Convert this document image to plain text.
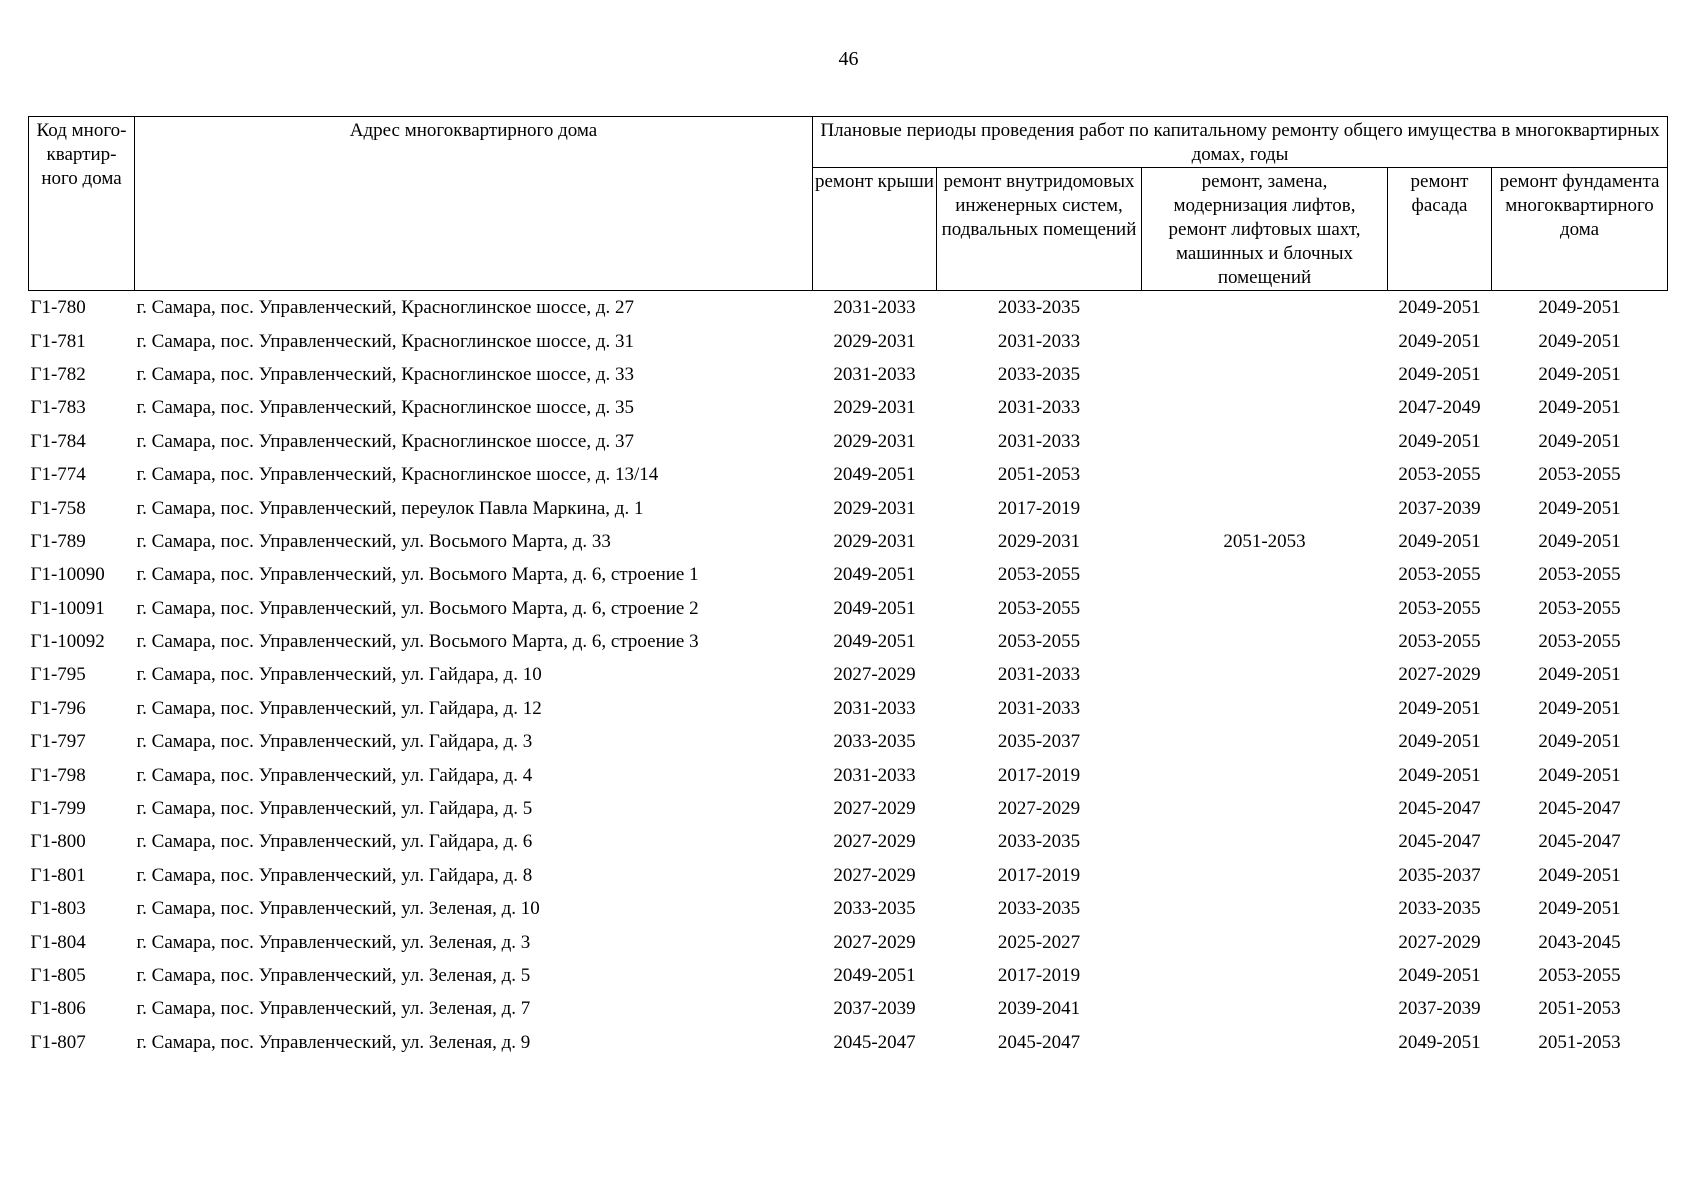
46
Код много-квартир-ного дома	Адрес многоквартирного дома	Плановые периоды проведения работ по капитальному ремонту общего имущества в многоквартирных домах, годы				
		ремонт крыши	ремонт внутридомовых инженерных систем, подвальных помещений	ремонт, замена, модернизация лифтов, ремонт лифтовых шахт, машинных и блочных помещений	ремонт фасада	ремонт фундамента многоквартирного дома
Г1-780	г. Самара, пос. Управленческий, Красноглинское шоссе, д. 27	2031-2033	2033-2035		2049-2051	2049-2051
Г1-781	г. Самара, пос. Управленческий, Красноглинское шоссе, д. 31	2029-2031	2031-2033		2049-2051	2049-2051
Г1-782	г. Самара, пос. Управленческий, Красноглинское шоссе, д. 33	2031-2033	2033-2035		2049-2051	2049-2051
Г1-783	г. Самара, пос. Управленческий, Красноглинское шоссе, д. 35	2029-2031	2031-2033		2047-2049	2049-2051
Г1-784	г. Самара, пос. Управленческий, Красноглинское шоссе, д. 37	2029-2031	2031-2033		2049-2051	2049-2051
Г1-774	г. Самара, пос. Управленческий, Красноглинское шоссе, д. 13/14	2049-2051	2051-2053		2053-2055	2053-2055
Г1-758	г. Самара, пос. Управленческий, переулок Павла Маркина, д. 1	2029-2031	2017-2019		2037-2039	2049-2051
Г1-789	г. Самара, пос. Управленческий, ул. Восьмого Марта, д. 33	2029-2031	2029-2031	2051-2053	2049-2051	2049-2051
Г1-10090	г. Самара, пос. Управленческий, ул. Восьмого Марта, д. 6, строение 1	2049-2051	2053-2055		2053-2055	2053-2055
Г1-10091	г. Самара, пос. Управленческий, ул. Восьмого Марта, д. 6, строение 2	2049-2051	2053-2055		2053-2055	2053-2055
Г1-10092	г. Самара, пос. Управленческий, ул. Восьмого Марта, д. 6, строение 3	2049-2051	2053-2055		2053-2055	2053-2055
Г1-795	г. Самара, пос. Управленческий, ул. Гайдара, д. 10	2027-2029	2031-2033		2027-2029	2049-2051
Г1-796	г. Самара, пос. Управленческий, ул. Гайдара, д. 12	2031-2033	2031-2033		2049-2051	2049-2051
Г1-797	г. Самара, пос. Управленческий, ул. Гайдара, д. 3	2033-2035	2035-2037		2049-2051	2049-2051
Г1-798	г. Самара, пос. Управленческий, ул. Гайдара, д. 4	2031-2033	2017-2019		2049-2051	2049-2051
Г1-799	г. Самара, пос. Управленческий, ул. Гайдара, д. 5	2027-2029	2027-2029		2045-2047	2045-2047
Г1-800	г. Самара, пос. Управленческий, ул. Гайдара, д. 6	2027-2029	2033-2035		2045-2047	2045-2047
Г1-801	г. Самара, пос. Управленческий, ул. Гайдара, д. 8	2027-2029	2017-2019		2035-2037	2049-2051
Г1-803	г. Самара, пос. Управленческий, ул. Зеленая, д. 10	2033-2035	2033-2035		2033-2035	2049-2051
Г1-804	г. Самара, пос. Управленческий, ул. Зеленая, д. 3	2027-2029	2025-2027		2027-2029	2043-2045
Г1-805	г. Самара, пос. Управленческий, ул. Зеленая, д. 5	2049-2051	2017-2019		2049-2051	2053-2055
Г1-806	г. Самара, пос. Управленческий, ул. Зеленая, д. 7	2037-2039	2039-2041		2037-2039	2051-2053
Г1-807	г. Самара, пос. Управленческий, ул. Зеленая, д. 9	2045-2047	2045-2047		2049-2051	2051-2053
